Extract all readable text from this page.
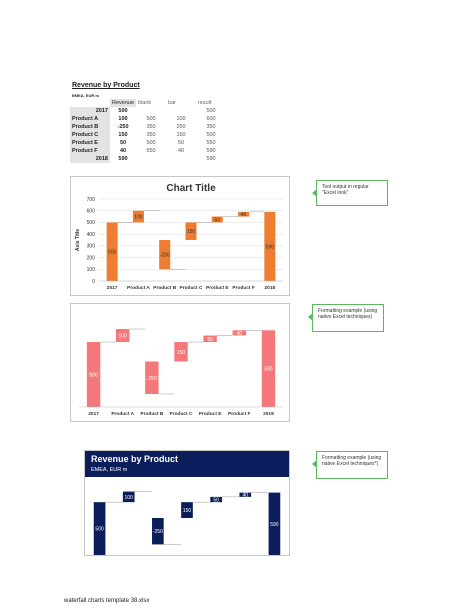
Revenue by Product
EMEA, EUR m
	Revenue	blank	bar	result
2017	500			500
Product A	100	500	100	600
Product B	-250	350	250	350
Product C	150	350	150	500
Product E	50	500	50	550
Product F	40	550	40	590
2018	590			590
Chart Title
Axis Title
0
100
200
300
400
500
600
700
500
100
-250
150
50
40
590
2017 Product A Product B Product C Product E Product F 2018
Tool output in regular "Excel look"
500
100
-250
150
50
40
590
2017	Product A Product B Product C Product E Product F	2018
Formatting example (using native Excel techniques)
Revenue by Product
EMEA, EUR m
500
100
-250
150
50
40
590
Formatting example (using native Excel techniques*)
waterfall charts template 38.xlsx
